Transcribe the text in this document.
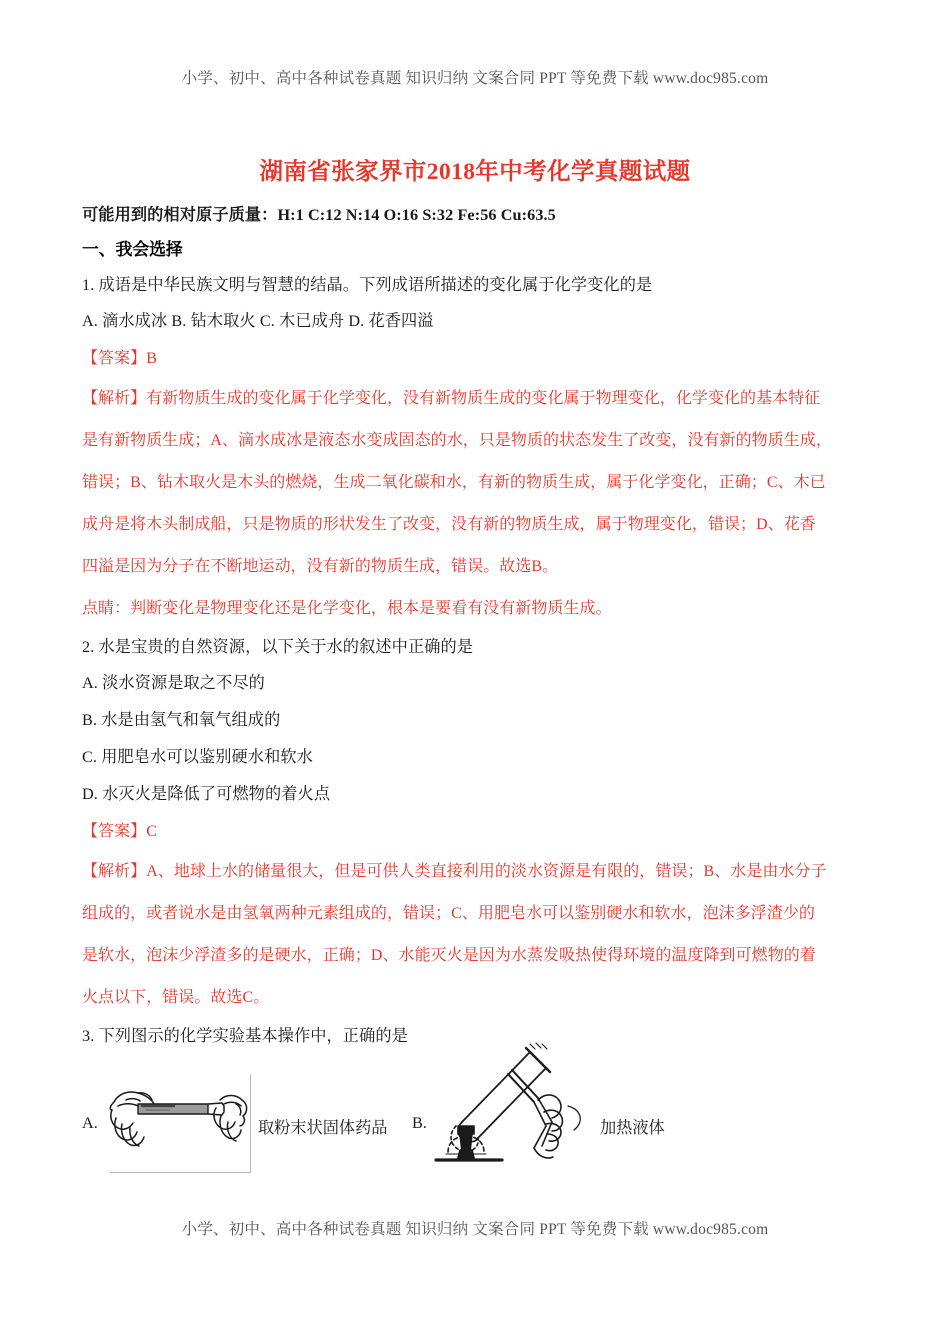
小学、初中、高中各种试卷真题 知识归纳 文案合同 PPT 等免费下载 www.doc985.com
湖南省张家界市2018年中考化学真题试题
可能用到的相对原子质量：H:1 C:12 N:14 O:16 S:32 Fe:56 Cu:63.5
一、我会选择
1. 成语是中华民族文明与智慧的结晶。下列成语所描述的变化属于化学变化的是
A. 滴水成冰 B. 钻木取火 C. 木已成舟 D. 花香四溢
【答案】B
【解析】有新物质生成的变化属于化学变化，没有新物质生成的变化属于物理变化，化学变化的基本特征
是有新物质生成；A、滴水成冰是液态水变成固态的水，只是物质的状态发生了改变，没有新的物质生成，
错误；B、钻木取火是木头的燃烧，生成二氧化碳和水，有新的物质生成，属于化学变化，正确；C、木已
成舟是将木头制成船，只是物质的形状发生了改变，没有新的物质生成，属于物理变化，错误；D、花香
四溢是因为分子在不断地运动，没有新的物质生成，错误。故选B。
点睛：判断变化是物理变化还是化学变化，根本是要看有没有新物质生成。
2. 水是宝贵的自然资源，以下关于水的叙述中正确的是
A. 淡水资源是取之不尽的
B. 水是由氢气和氧气组成的
C. 用肥皂水可以鉴别硬水和软水
D. 水灭火是降低了可燃物的着火点
【答案】C
【解析】A、地球上水的储量很大，但是可供人类直接利用的淡水资源是有限的，错误；B、水是由水分子
组成的，或者说水是由氢氧两种元素组成的，错误；C、用肥皂水可以鉴别硬水和软水，泡沫多浮渣少的
是软水，泡沫少浮渣多的是硬水，正确；D、水能灭火是因为水蒸发吸热使得环境的温度降到可燃物的着
火点以下，错误。故选C。
3. 下列图示的化学实验基本操作中，正确的是
A.	取粉末状固体药品 B.	加热液体
小学、初中、高中各种试卷真题 知识归纳 文案合同 PPT 等免费下载 www.doc985.com
